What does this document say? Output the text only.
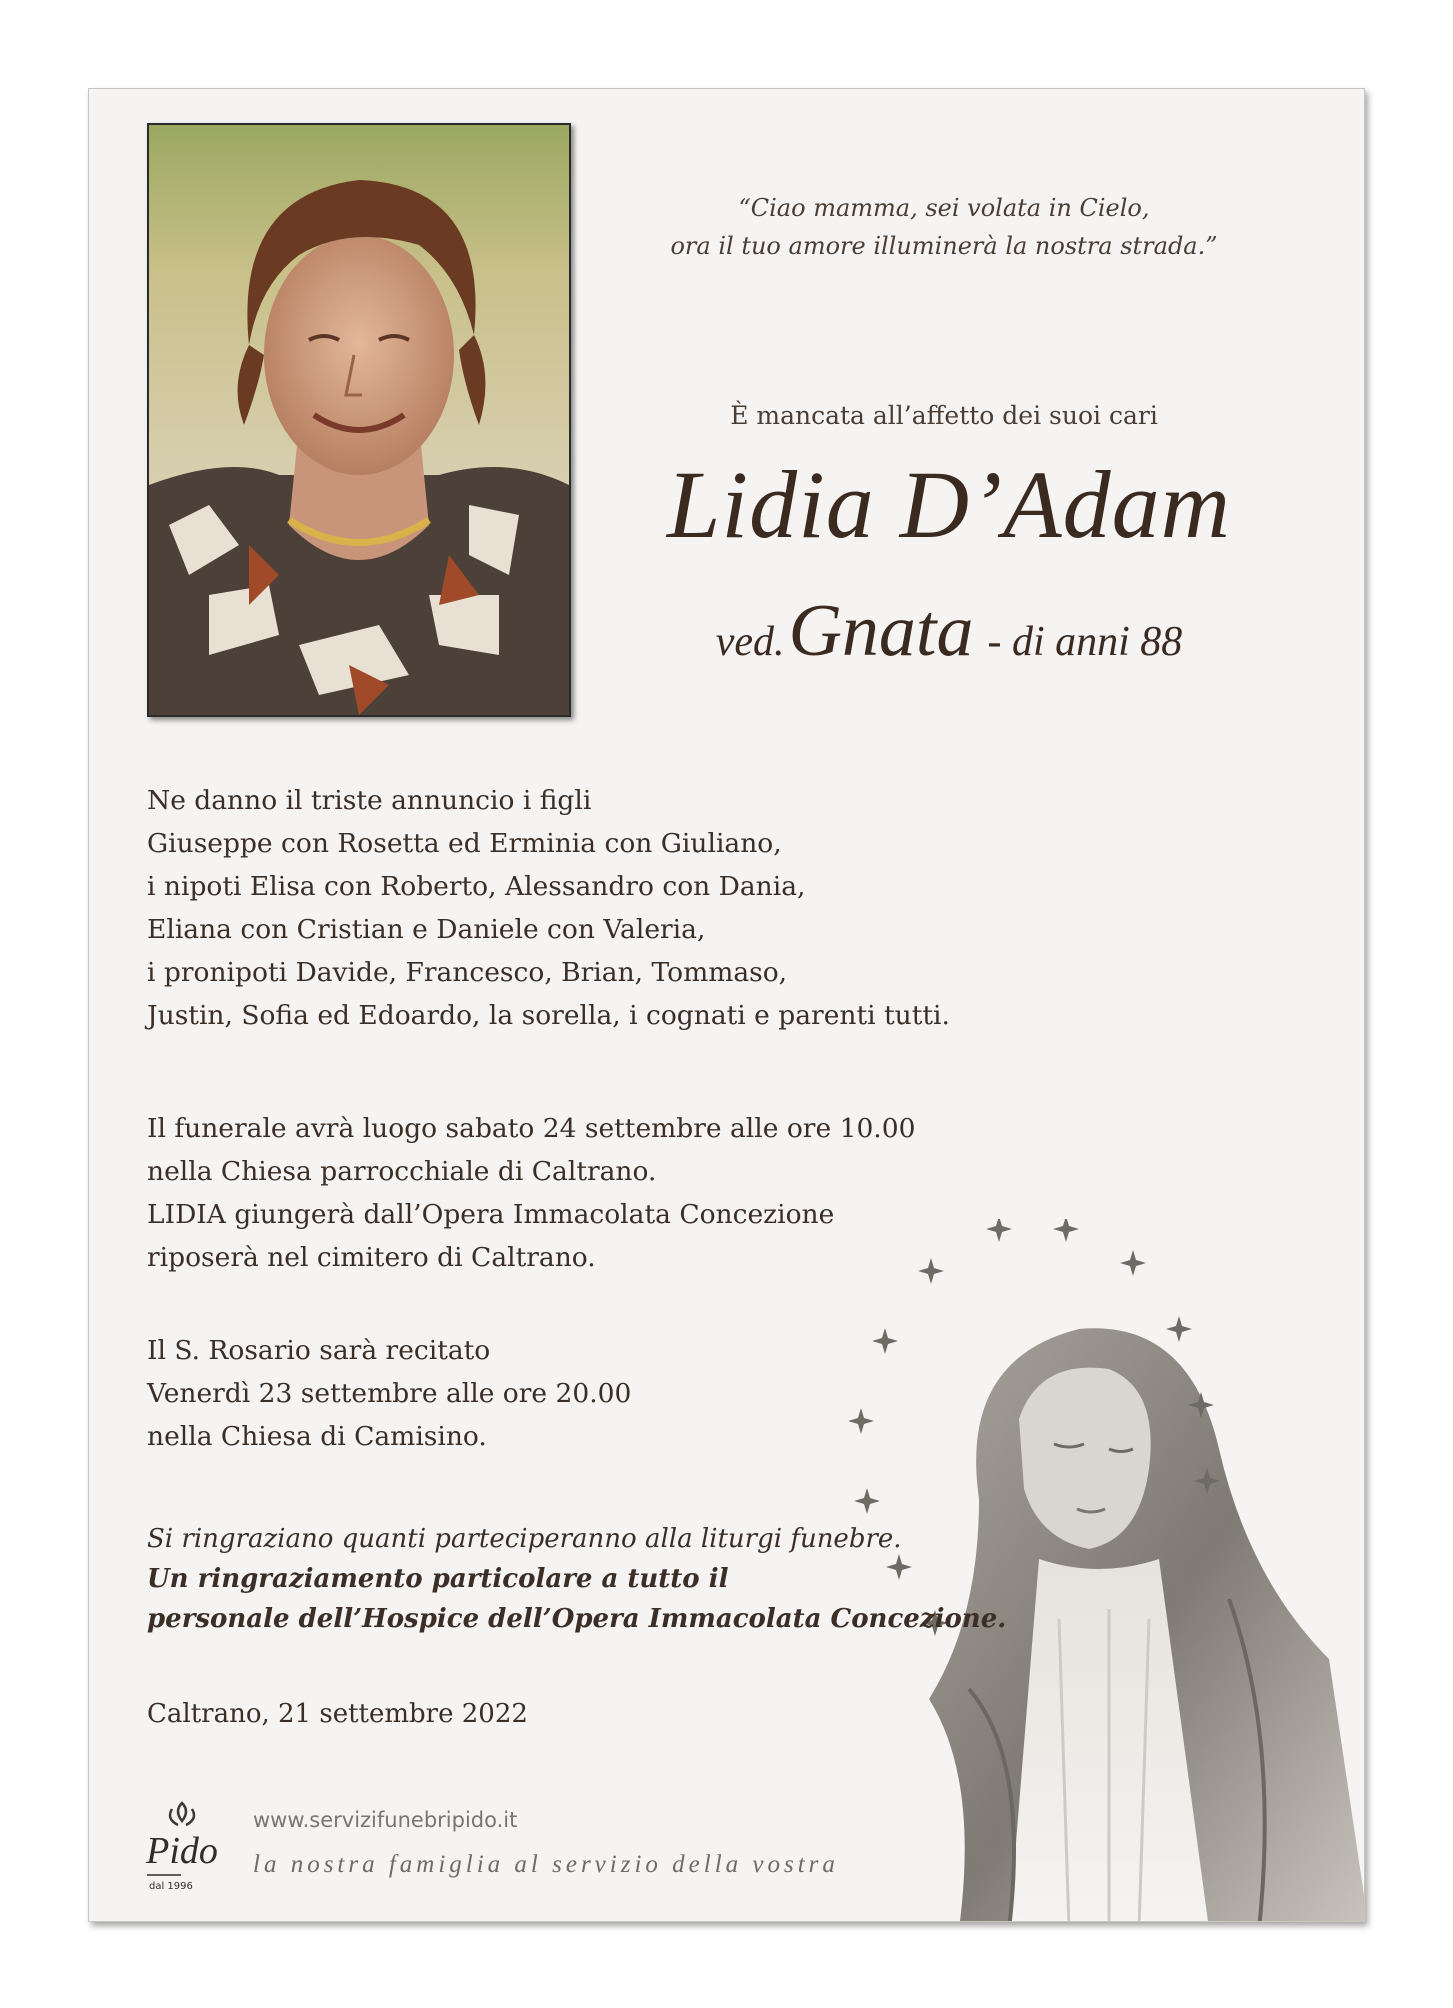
“Ciao mamma, sei volata in Cielo,
ora il tuo amore illuminerà la nostra strada.”
È mancata all’affetto dei suoi cari
Lidia D’Adam
ved.Gnata - di anni 88
Ne danno il triste annuncio i figli
Giuseppe con Rosetta ed Erminia con Giuliano,
i nipoti Elisa con Roberto, Alessandro con Dania,
Eliana con Cristian e Daniele con Valeria,
i pronipoti Davide, Francesco, Brian, Tommaso,
Justin, Sofia ed Edoardo, la sorella, i cognati e parenti tutti.
Il funerale avrà luogo sabato 24 settembre alle ore 10.00
nella Chiesa parrocchiale di Caltrano.
LIDIA giungerà dall’Opera Immacolata Concezione
riposerà nel cimitero di Caltrano.
Il S. Rosario sarà recitato
Venerdì 23 settembre alle ore 20.00
nella Chiesa di Camisino.
Si ringraziano quanti parteciperanno alla liturgi funebre.
Un ringraziamento particolare a tutto il
personale dell’Hospice dell’Opera Immacolata Concezione.
Caltrano, 21 settembre 2022
Pido
dal 1996
www.servizifunebripido.it
la nostra famiglia al servizio della vostra
